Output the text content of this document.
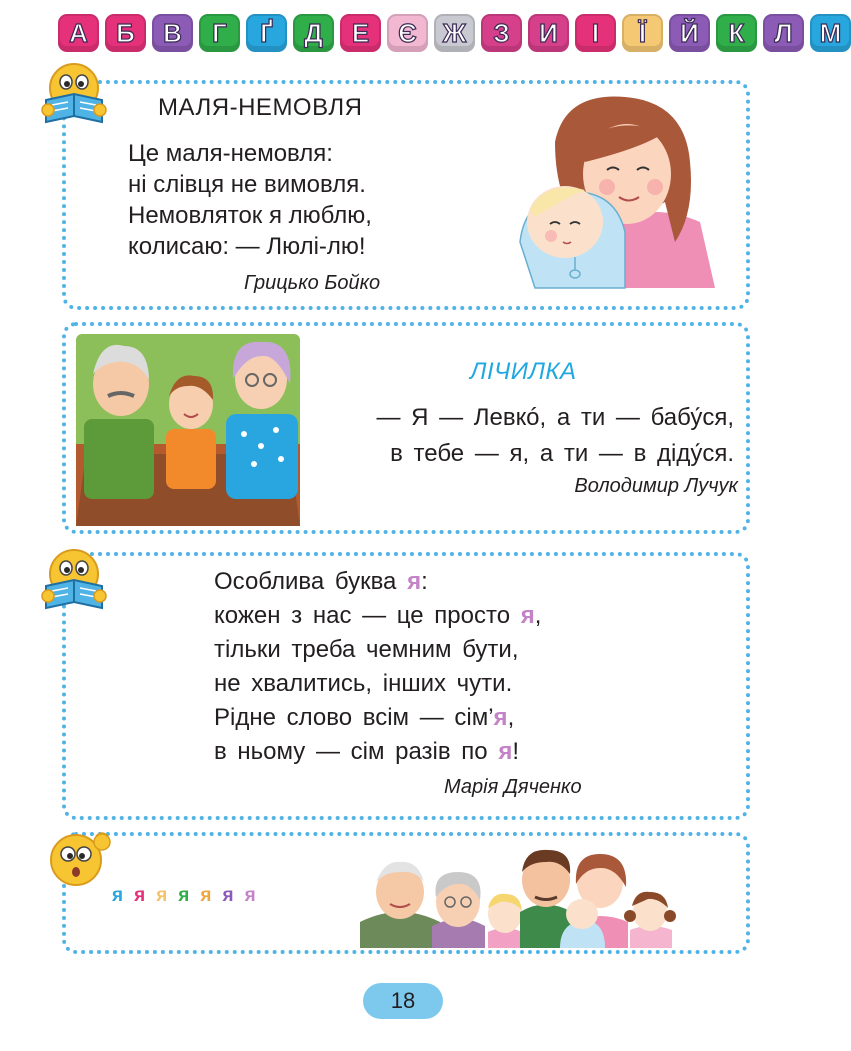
А	Б	В	Г	Ґ	Д	Е	Є	Ж	З	И	І	Ї	Й	К	Л	М
МАЛЯ-НЕМОВЛЯ
Це маля-немовля:
ні слівця не вимовля.
Немовляток я люблю,
колисаю: — Люлі-лю!
Грицько Бойко
ЛІЧИЛКА
— Я — Левкó, а ти — бабу́ся,
в тебе — я, а ти — в діду́ся.
Володимир Лучук
Особлива буква я:
кожен з нас — це просто я,
тільки треба чемним бути,
не хвалитись, інших чути.
Рідне слово всім — сім’я,
в ньому — сім разів по я!
Марія Дяченко
я я я я я я я
18
